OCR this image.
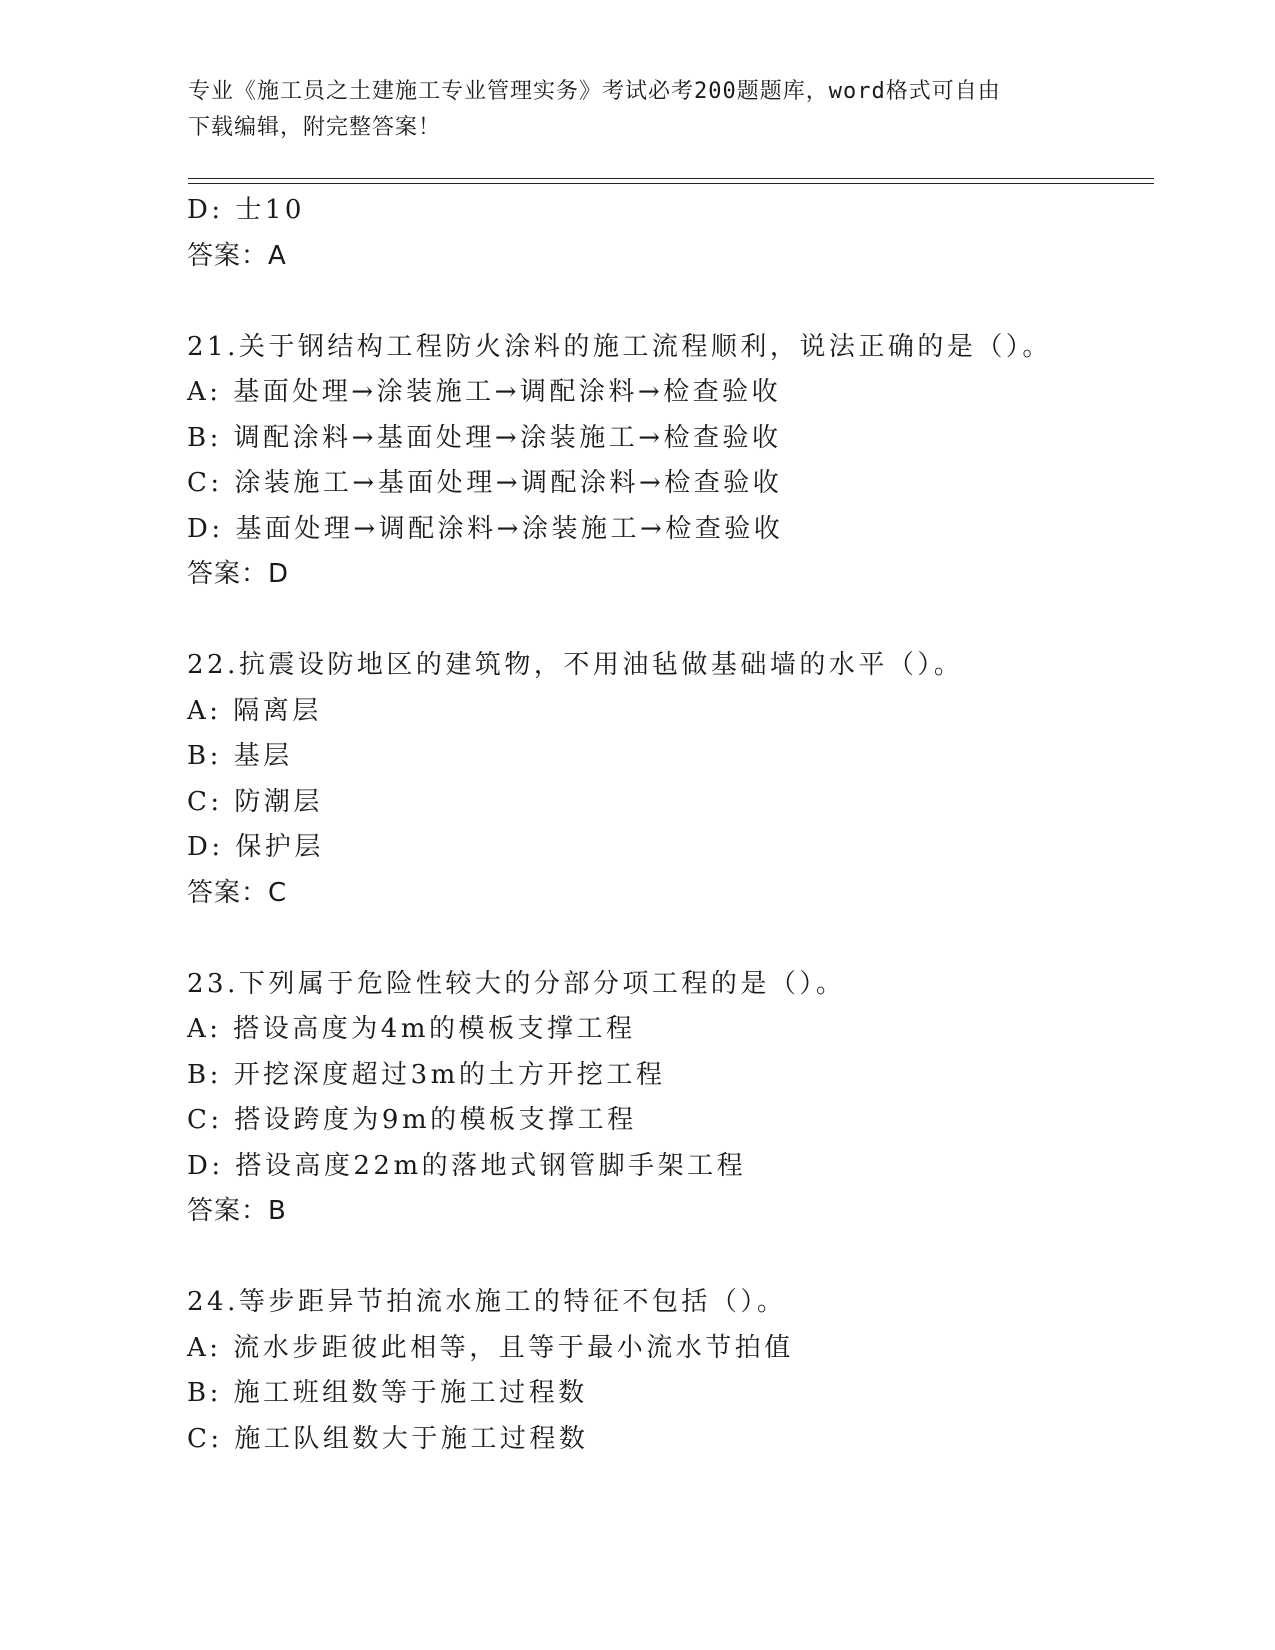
专业《施工员之土建施工专业管理实务》考试必考200题题库，word格式可自由
下载编辑，附完整答案！
D: 士10
答案：A
21.关于钢结构工程防火涂料的施工流程顺利，说法正确的是（）。
A: 基面处理→涂装施工→调配涂料→检查验收
B: 调配涂料→基面处理→涂装施工→检查验收
C: 涂装施工→基面处理→调配涂料→检查验收
D: 基面处理→调配涂料→涂装施工→检查验收
答案：D
22.抗震设防地区的建筑物，不用油毡做基础墙的水平（）。
A: 隔离层
B: 基层
C: 防潮层
D: 保护层
答案：C
23.下列属于危险性较大的分部分项工程的是（）。
A: 搭设高度为4m的模板支撑工程
B: 开挖深度超过3m的土方开挖工程
C: 搭设跨度为9m的模板支撑工程
D: 搭设高度22m的落地式钢管脚手架工程
答案：B
24.等步距异节拍流水施工的特征不包括（）。
A: 流水步距彼此相等，且等于最小流水节拍值
B: 施工班组数等于施工过程数
C: 施工队组数大于施工过程数
